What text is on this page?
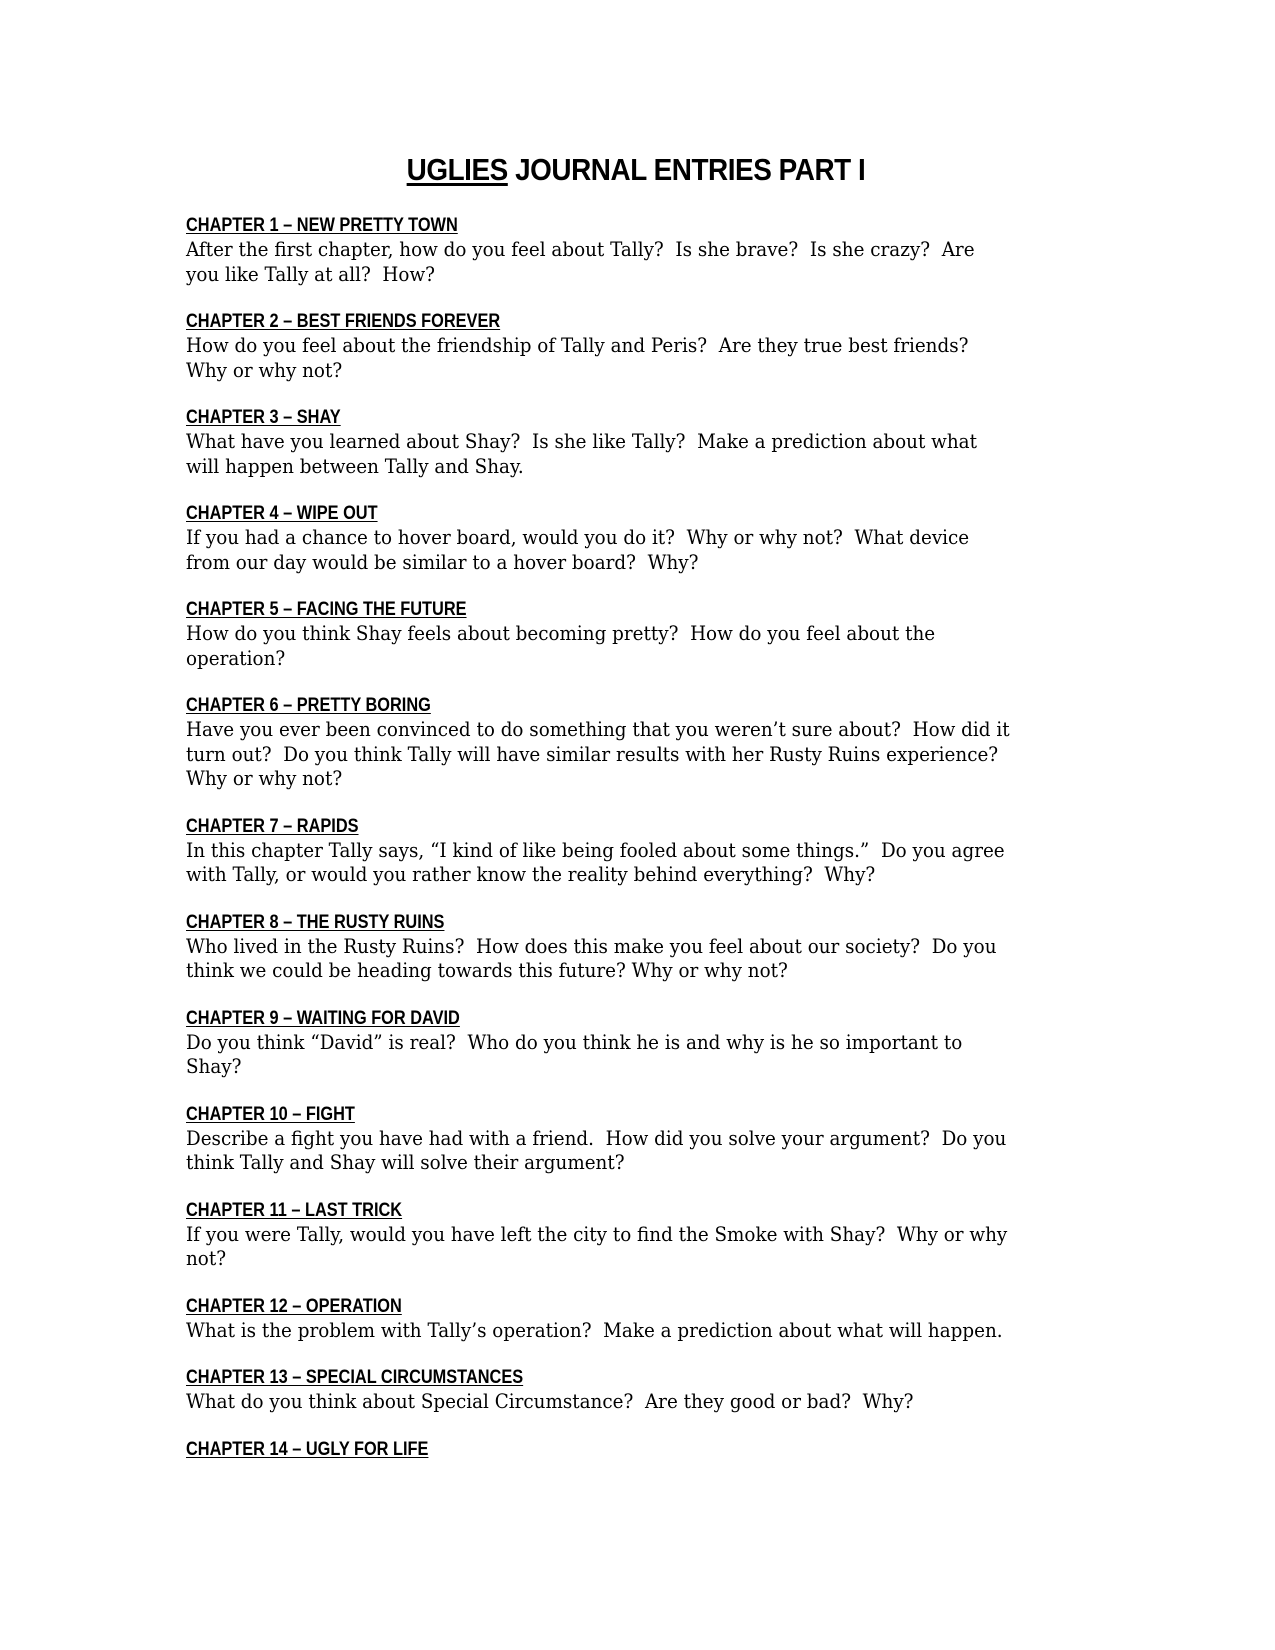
UGLIES JOURNAL ENTRIES PART I
CHAPTER 1 – NEW PRETTY TOWN

After the first chapter, how do you feel about Tally?  Is she brave?  Is she crazy?  Are
you like Tally at all?  How?

CHAPTER 2 – BEST FRIENDS FOREVER

How do you feel about the friendship of Tally and Peris?  Are they true best friends?
Why or why not?

CHAPTER 3 – SHAY

What have you learned about Shay?  Is she like Tally?  Make a prediction about what
will happen between Tally and Shay.

CHAPTER 4 – WIPE OUT

If you had a chance to hover board, would you do it?  Why or why not?  What device
from our day would be similar to a hover board?  Why?

CHAPTER 5 – FACING THE FUTURE

How do you think Shay feels about becoming pretty?  How do you feel about the
operation?

CHAPTER 6 – PRETTY BORING

Have you ever been convinced to do something that you weren’t sure about?  How did it
turn out?  Do you think Tally will have similar results with her Rusty Ruins experience?
Why or why not?

CHAPTER 7 – RAPIDS

In this chapter Tally says, “I kind of like being fooled about some things.”  Do you agree
with Tally, or would you rather know the reality behind everything?  Why?

CHAPTER 8 – THE RUSTY RUINS

Who lived in the Rusty Ruins?  How does this make you feel about our society?  Do you
think we could be heading towards this future? Why or why not?

CHAPTER 9 – WAITING FOR DAVID

Do you think “David” is real?  Who do you think he is and why is he so important to
Shay?

CHAPTER 10 – FIGHT

Describe a fight you have had with a friend.  How did you solve your argument?  Do you
think Tally and Shay will solve their argument?

CHAPTER 11 – LAST TRICK

If you were Tally, would you have left the city to find the Smoke with Shay?  Why or why
not?

CHAPTER 12 – OPERATION

What is the problem with Tally’s operation?  Make a prediction about what will happen.

CHAPTER 13 – SPECIAL CIRCUMSTANCES

What do you think about Special Circumstance?  Are they good or bad?  Why?

CHAPTER 14 – UGLY FOR LIFE
